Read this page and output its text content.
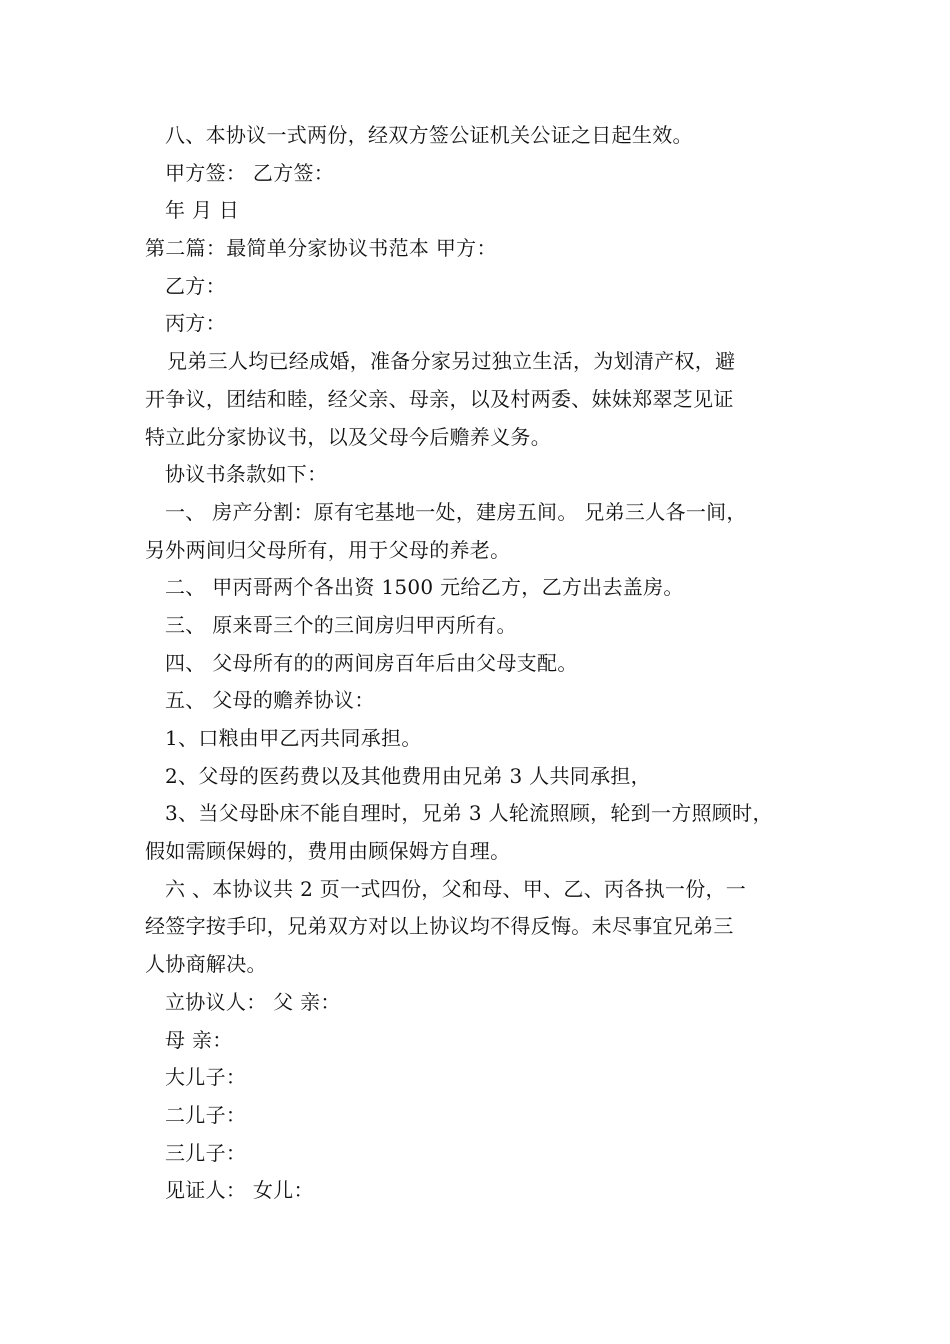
八、本协议一式两份，经双方签公证机关公证之日起生效。
甲方签： 乙方签：
年 月 日
第二篇：最简单分家协议书范本 甲方：
乙方：
丙方：
兄弟三人均已经成婚，准备分家另过独立生活，为划清产权，避
开争议，团结和睦，经父亲、母亲，以及村两委、妹妹郑翠芝见证
特立此分家协议书，以及父母今后赡养义务。
协议书条款如下：
一、 房产分割：原有宅基地一处，建房五间。 兄弟三人各一间，
另外两间归父母所有，用于父母的养老。
二、 甲丙哥两个各出资 1500 元给乙方，乙方出去盖房。
三、 原来哥三个的三间房归甲丙所有。
四、 父母所有的的两间房百年后由父母支配。
五、 父母的赡养协议：
1、口粮由甲乙丙共同承担。
2、父母的医药费以及其他费用由兄弟 3 人共同承担，
3、当父母卧床不能自理时，兄弟 3 人轮流照顾，轮到一方照顾时，
假如需顾保姆的，费用由顾保姆方自理。
六 、本协议共 2 页一式四份，父和母、甲、乙、丙各执一份，一
经签字按手印，兄弟双方对以上协议均不得反悔。未尽事宜兄弟三
人协商解决。
立协议人： 父 亲：
母 亲：
大儿子：
二儿子：
三儿子：
见证人： 女儿：
